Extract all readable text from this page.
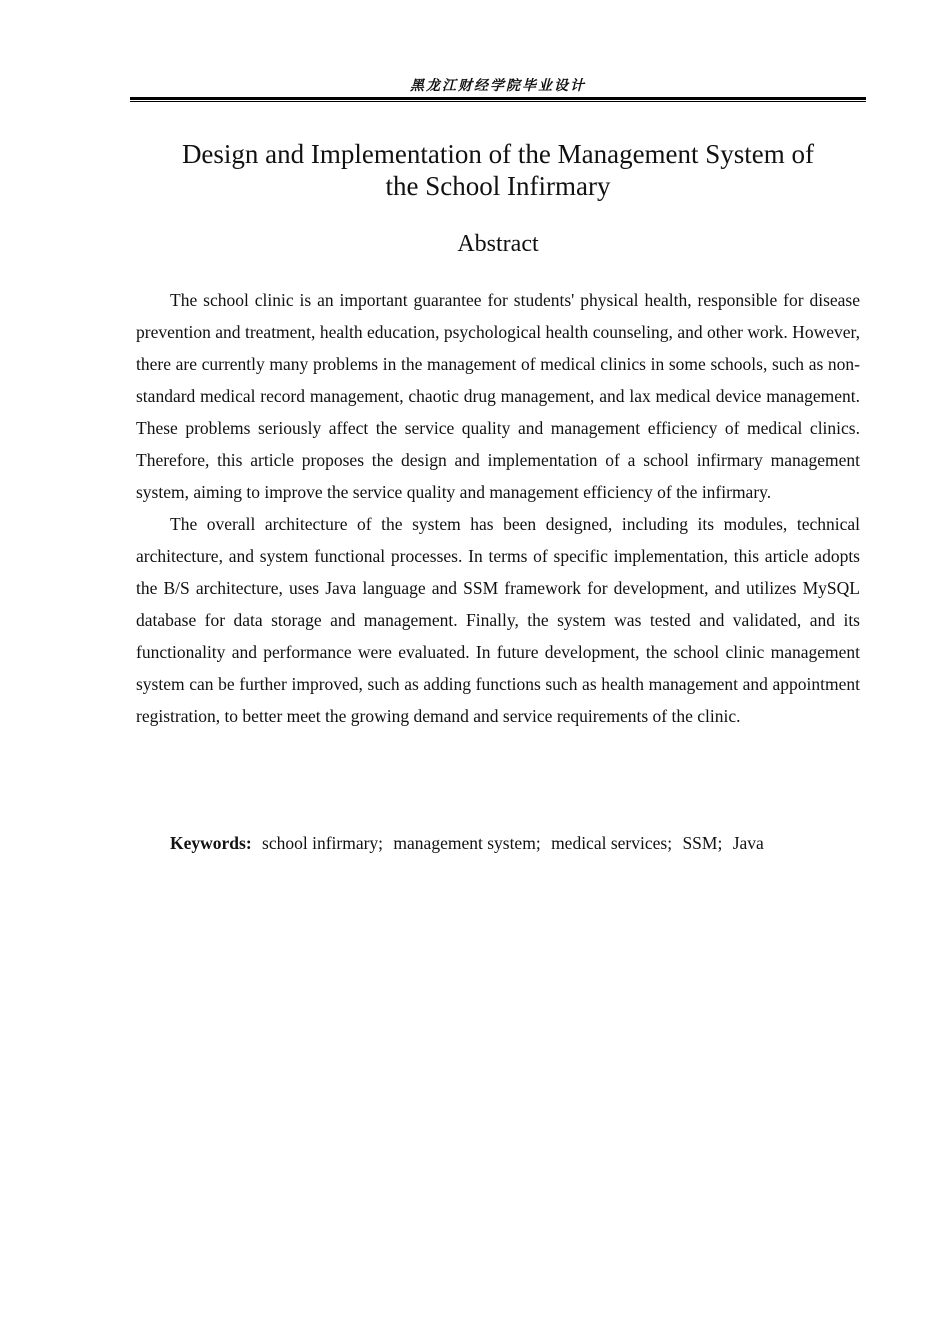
黑龙江财经学院毕业设计
Design and Implementation of the Management System of
the School Infirmary
Abstract

The school clinic is an important guarantee for students' physical health, responsible for disease prevention and treatment, health education, psychological health counseling, and other work. However, there are currently many problems in the management of medical clinics in some schools, such as non-standard medical record management, chaotic drug management, and lax medical device management. These problems seriously affect the service quality and management efficiency of medical clinics. Therefore, this article proposes the design and implementation of a school infirmary management system, aiming to improve the service quality and management efficiency of the infirmary.

The overall architecture of the system has been designed, including its modules, technical architecture, and system functional processes. In terms of specific implementation, this article adopts the B/S architecture, uses Java language and SSM framework for development, and utilizes MySQL database for data storage and management. Finally, the system was tested and validated, and its functionality and performance were evaluated. In future development, the school clinic management system can be further improved, such as adding functions such as health management and appointment registration, to better meet the growing demand and service requirements of the clinic.

Keywords: school infirmary; management system; medical services; SSM; Java
